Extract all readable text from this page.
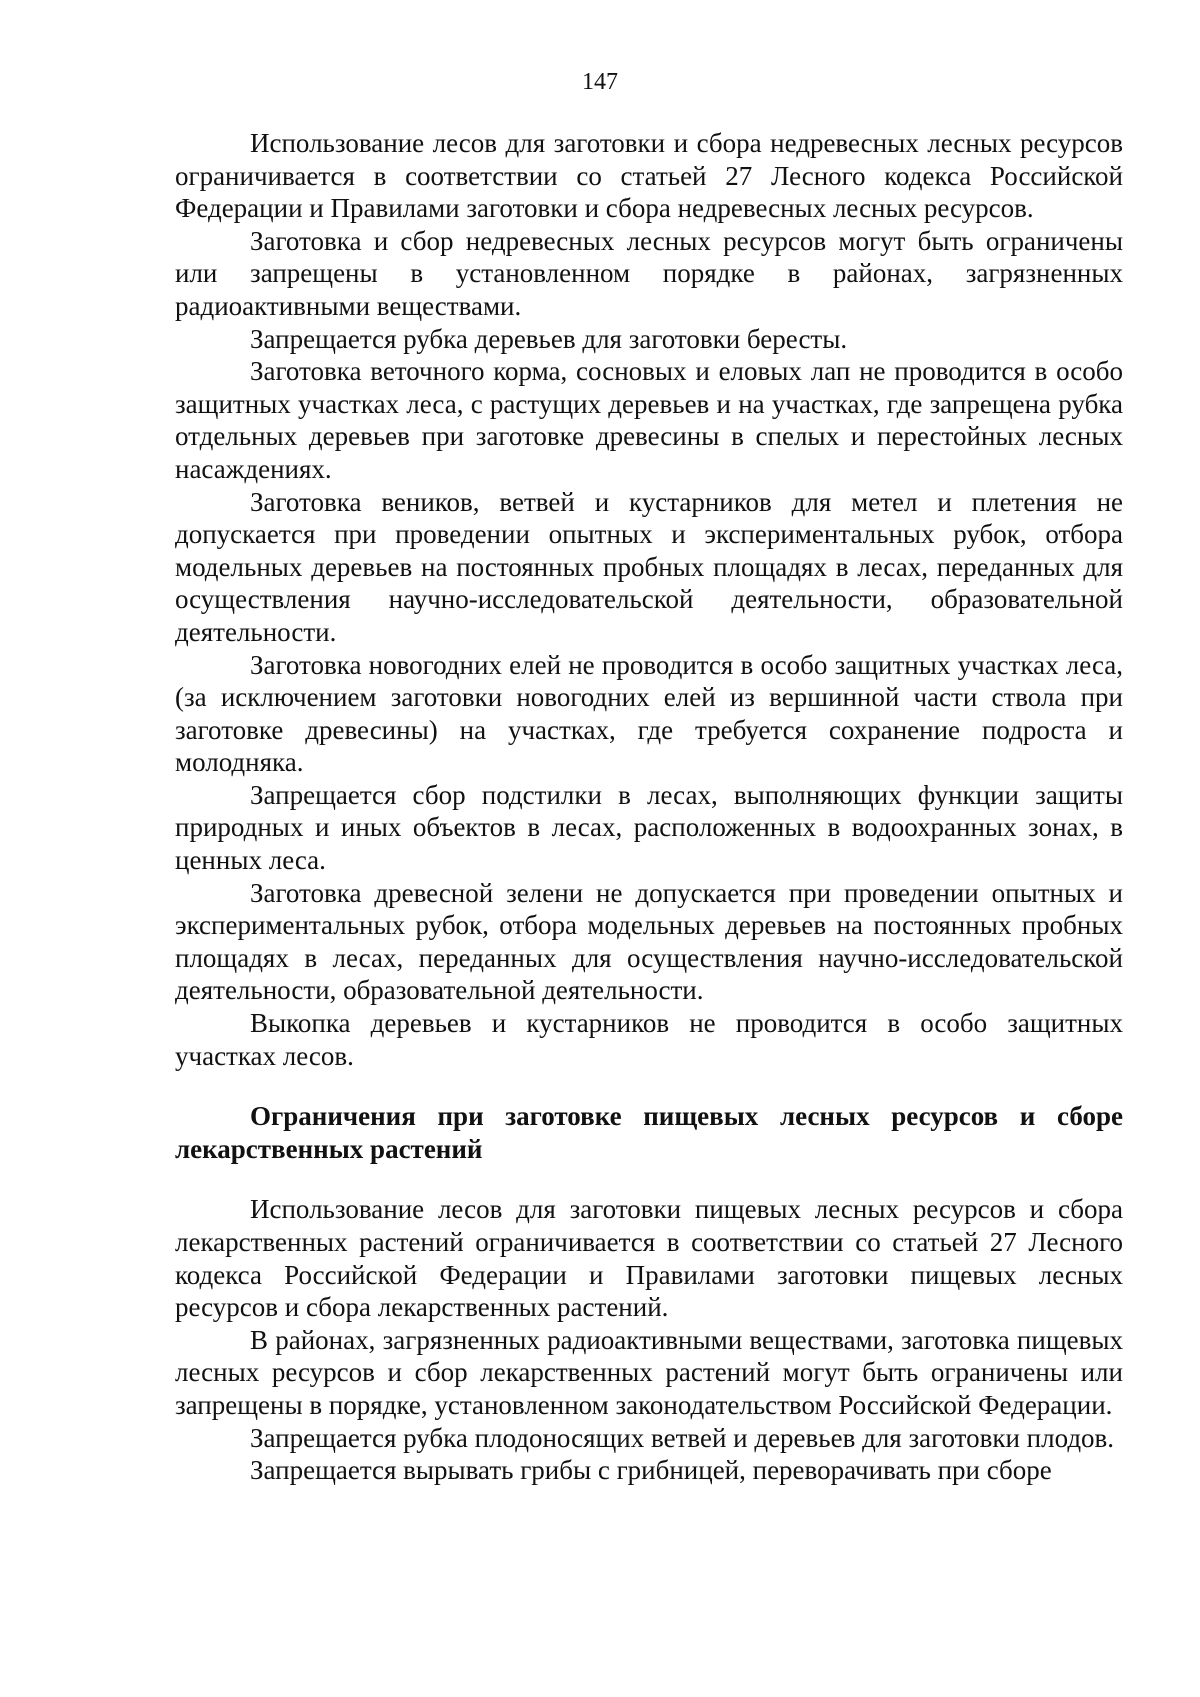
147

Использование лесов для заготовки и сбора недревесных лесных ресурсов ограничивается в соответствии со статьей 27 Лесного кодекса Российской Федерации и Правилами заготовки и сбора недревесных лесных ресурсов.

Заготовка и сбор недревесных лесных ресурсов могут быть ограничены или запрещены в установленном порядке в районах, загрязненных радиоактивными веществами.

Запрещается рубка деревьев для заготовки бересты.

Заготовка веточного корма, сосновых и еловых лап не проводится в особо защитных участках леса, с растущих деревьев и на участках, где запрещена рубка отдельных деревьев при заготовке древесины в спелых и перестойных лесных насаждениях.

Заготовка веников, ветвей и кустарников для метел и плетения не допускается при проведении опытных и экспериментальных рубок, отбора модельных деревьев на постоянных пробных площадях в лесах, переданных для осуществления научно-исследовательской деятельности, образовательной деятельности.

Заготовка новогодних елей не проводится в особо защитных участках леса, (за исключением заготовки новогодних елей из вершинной части ствола при заготовке древесины) на участках, где требуется сохранение подроста и молодняка.

Запрещается сбор подстилки в лесах, выполняющих функции защиты природных и иных объектов в лесах, расположенных в водоохранных зонах, в ценных леса.

Заготовка древесной зелени не допускается при проведении опытных и экспериментальных рубок, отбора модельных деревьев на постоянных пробных площадях в лесах, переданных для осуществления научно-исследовательской деятельности, образовательной деятельности.

Выкопка деревьев и кустарников не проводится в особо защитных участках лесов.

Ограничения при заготовке пищевых лесных ресурсов и сборе лекарственных растений

Использование лесов для заготовки пищевых лесных ресурсов и сбора лекарственных растений ограничивается в соответствии со статьей 27 Лесного кодекса Российской Федерации и Правилами заготовки пищевых лесных ресурсов и сбора лекарственных растений.

В районах, загрязненных радиоактивными веществами, заготовка пищевых лесных ресурсов и сбор лекарственных растений могут быть ограничены или запрещены в порядке, установленном законодательством Российской Федерации.

Запрещается рубка плодоносящих ветвей и деревьев для заготовки плодов.

Запрещается вырывать грибы с грибницей, переворачивать при сборе
